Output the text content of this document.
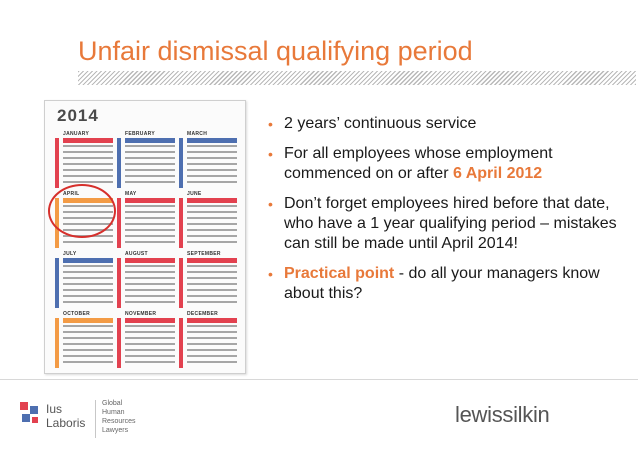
Unfair dismissal qualifying period
2014
JANUARY	FEBRUARY	MARCH
APRIL	MAY	JUNE
JULY	AUGUST	SEPTEMBER
OCTOBER	NOVEMBER	DECEMBER
• 2 years’ continuous service
• For all employees whose employment commenced on or after 6 April 2012
• Don’t forget employees hired before that date, who have a 1 year qualifying period – mistakes can still be made until April 2014!
• Practical point - do all your managers know about this?
Ius
Laboris
Global
Human
Resources
Lawyers
lewissilkin
